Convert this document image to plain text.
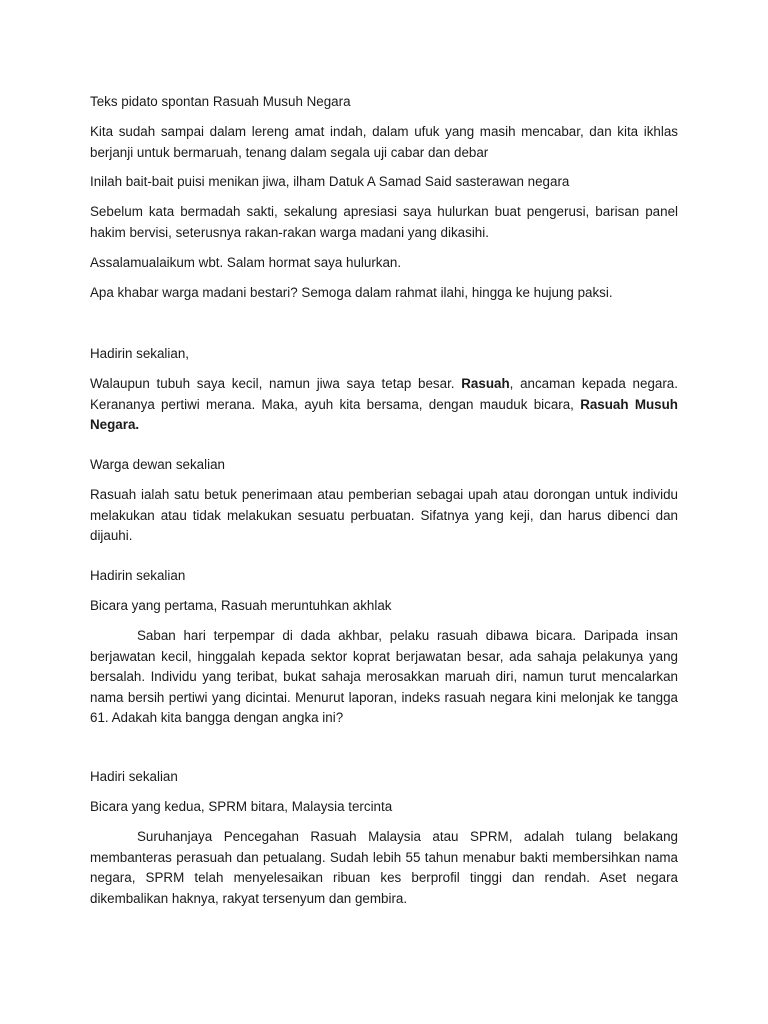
Teks pidato spontan Rasuah Musuh Negara

Kita sudah sampai dalam lereng amat indah, dalam ufuk yang masih mencabar, dan kita ikhlas berjanji untuk bermaruah, tenang dalam segala uji cabar dan debar

Inilah bait-bait puisi menikan jiwa, ilham Datuk A Samad Said sasterawan negara

Sebelum kata bermadah sakti, sekalung apresiasi saya hulurkan buat pengerusi, barisan panel hakim bervisi, seterusnya rakan-rakan warga madani yang dikasihi.

Assalamualaikum wbt. Salam hormat saya hulurkan.

Apa khabar warga madani bestari? Semoga dalam rahmat ilahi, hingga ke hujung paksi.

Hadirin sekalian,

Walaupun tubuh saya kecil, namun jiwa saya tetap besar. Rasuah, ancaman kepada negara. Kerananya pertiwi merana. Maka, ayuh kita bersama, dengan mauduk bicara, Rasuah Musuh Negara.

Warga dewan sekalian

Rasuah ialah satu betuk penerimaan atau pemberian sebagai upah atau dorongan untuk individu melakukan atau tidak melakukan sesuatu perbuatan. Sifatnya yang keji, dan harus dibenci dan dijauhi.

Hadirin sekalian

Bicara yang pertama, Rasuah meruntuhkan akhlak

Saban hari terpempar di dada akhbar, pelaku rasuah dibawa bicara. Daripada insan berjawatan kecil, hinggalah kepada sektor koprat berjawatan besar, ada sahaja pelakunya yang bersalah. Individu yang teribat, bukat sahaja merosakkan maruah diri, namun turut mencalarkan nama bersih pertiwi yang dicintai. Menurut laporan, indeks rasuah negara kini melonjak ke tangga 61. Adakah kita bangga dengan angka ini?

Hadiri sekalian

Bicara yang kedua, SPRM bitara, Malaysia tercinta

Suruhanjaya Pencegahan Rasuah Malaysia atau SPRM, adalah tulang belakang membanteras perasuah dan petualang. Sudah lebih 55 tahun menabur bakti membersihkan nama negara, SPRM telah menyelesaikan ribuan kes berprofil tinggi dan rendah. Aset negara dikembalikan haknya, rakyat tersenyum dan gembira.
